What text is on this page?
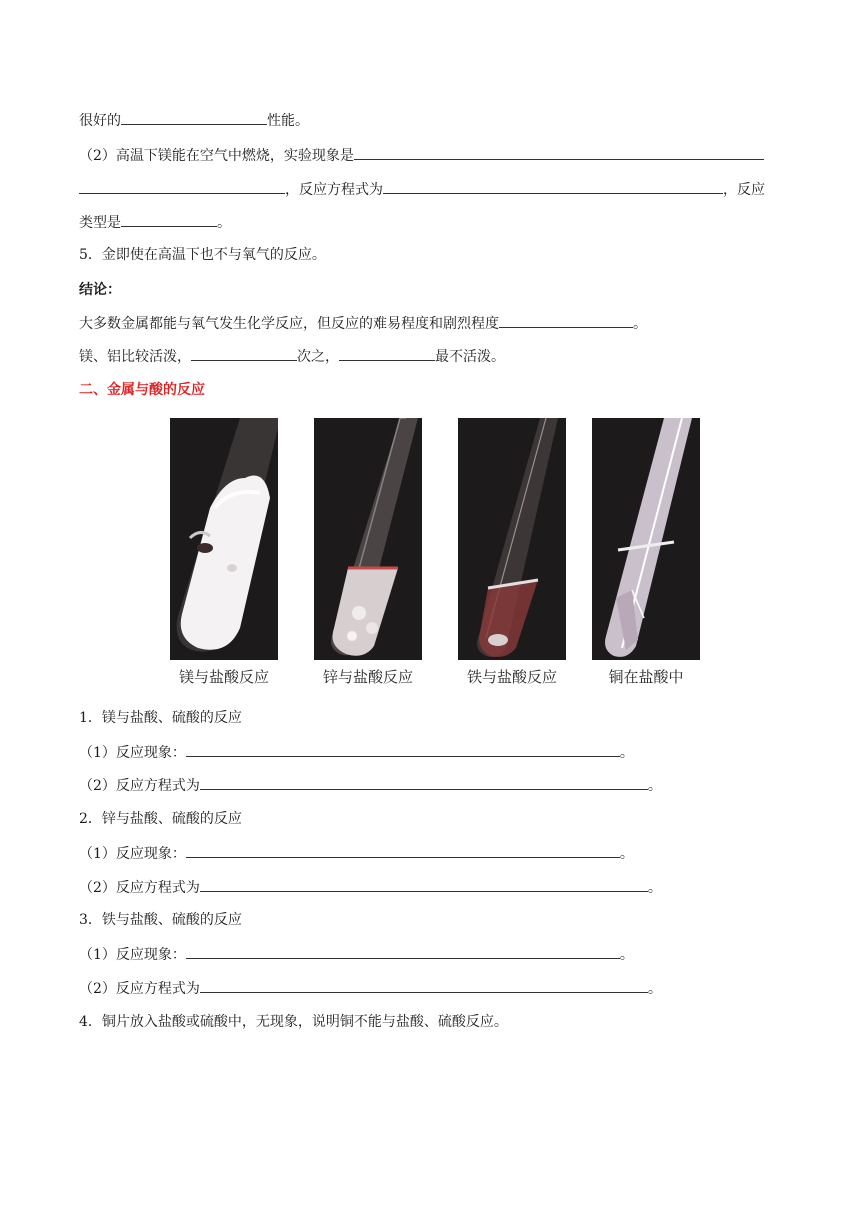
很好的	性能。
（2）高温下镁能在空气中燃烧，实验现象是
，反应方程式为	，反应
类型是	。
5．金即使在高温下也不与氧气的反应。
结论：
大多数金属都能与氧气发生化学反应，但反应的难易程度和剧烈程度	。
镁、铝比较活泼，	次之，	最不活泼。
二、金属与酸的反应
镁与盐酸反应	锌与盐酸反应	铁与盐酸反应	铜在盐酸中
1．镁与盐酸、硫酸的反应
（1）反应现象：	。
（2）反应方程式为	。
2．锌与盐酸、硫酸的反应
（1）反应现象：	。
（2）反应方程式为	。
3．铁与盐酸、硫酸的反应
（1）反应现象：	。
（2）反应方程式为	。
4．铜片放入盐酸或硫酸中，无现象，说明铜不能与盐酸、硫酸反应。
